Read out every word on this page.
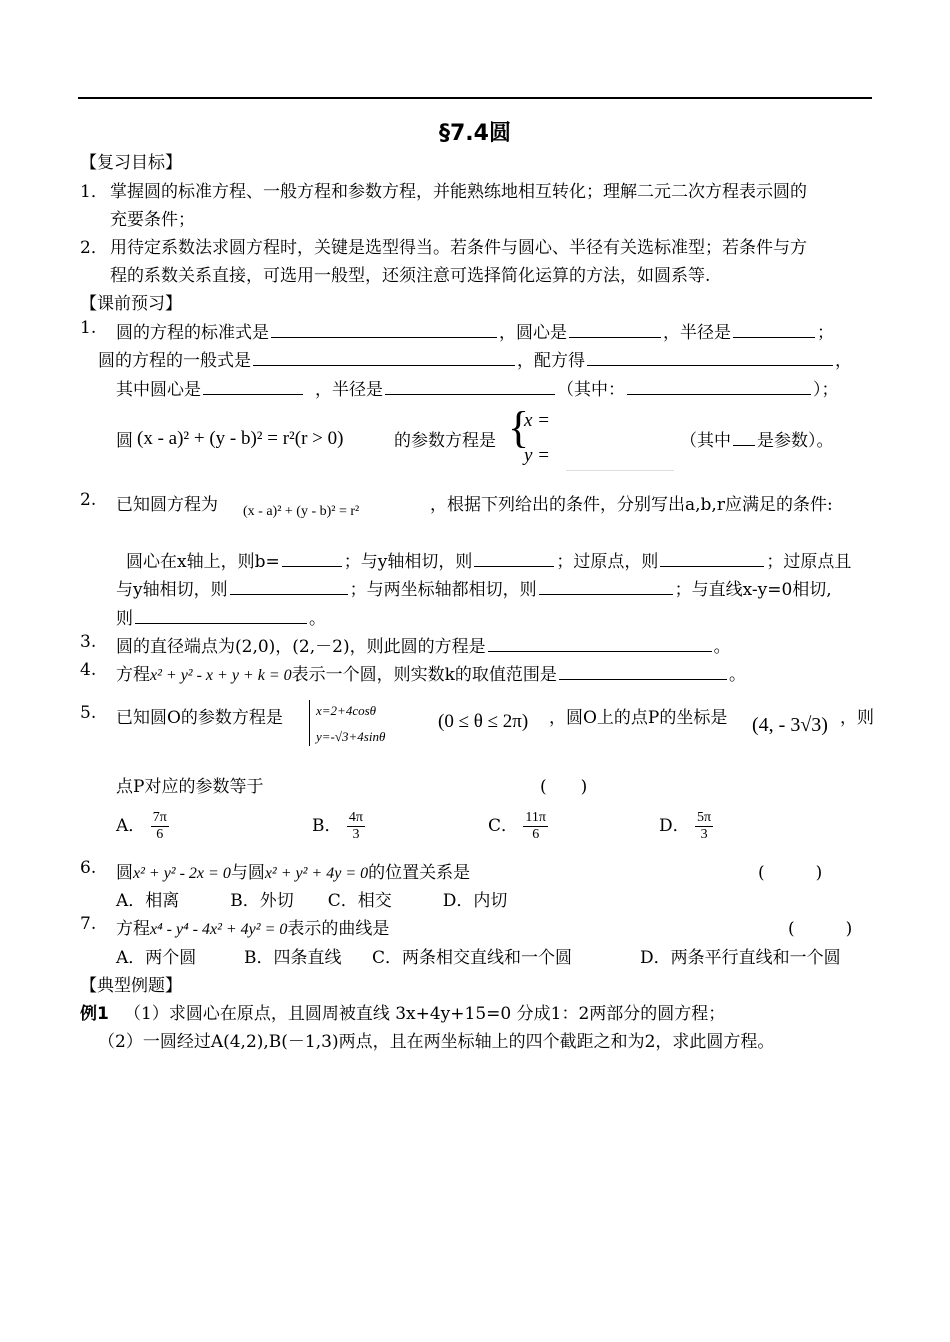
§7.4圆
【复习目标】
1． 掌握圆的标准方程、一般方程和参数方程，并能熟练地相互转化；理解二元二次方程表示圆的
充要条件；
2． 用待定系数法求圆方程时，关键是选型得当。若条件与圆心、半径有关选标准型；若条件与方
程的系数关系直接，可选用一般型，还须注意可选择简化运算的方法，如圆系等.
【课前预习】
1. 圆的方程的标准式是	，圆心是	，半径是	；
圆的方程的一般式是	，配方得	，
其中圆心是	，半径是	（其中：	）；
圆 (x - a)² + (y - b)² = r²(r > 0)	的参数方程是 {
x =
y =
（其中 是参数）。
2. 已知圆方程为 (x - a)² + (y - b)² = r²	，根据下列给出的条件，分别写出a,b,r应满足的条件:
圆心在x轴上，则b=	；与y轴相切，则	；过原点，则	；过原点且
与y轴相切，则	；与两坐标轴都相切，则	；与直线x-y=0相切,
则	。
3. 圆的直径端点为(2,0)，(2,－2)，则此圆的方程是	。
4. 方程x² + y² - x + y + k = 0表示一个圆，则实数k的取值范围是	。
5. 已知圆O的参数方程是	x=2+4cosθ
y=-√3+4sinθ
(0 ≤ θ ≤ 2π) ，圆O上的点P的坐标是 (4, - 3√3) ，则
点P对应的参数等于	(　　)
A． $\frac{7\pi}{6}$	B． $\frac{4\pi}{3}$	C． $\frac{11\pi}{6}$	D． $\frac{5\pi}{3}$
6. 圆x² + y² - 2x = 0与圆x² + y² + 4y = 0的位置关系是	(　　　)
A．相离　　　B．外切　　C．相交　　　D．内切
7. 方程x⁴ - y⁴ - 4x² + 4y² = 0表示的曲线是	(　　　)
A．两个圆	B．四条直线 C．两条相交直线和一个圆	D．两条平行直线和一个圆
【典型例题】
例1 （1）求圆心在原点，且圆周被直线 3x+4y+15=0 分成1：2两部分的圆方程；
（2）一圆经过A(4,2),B(－1,3)两点，且在两坐标轴上的四个截距之和为2，求此圆方程。
